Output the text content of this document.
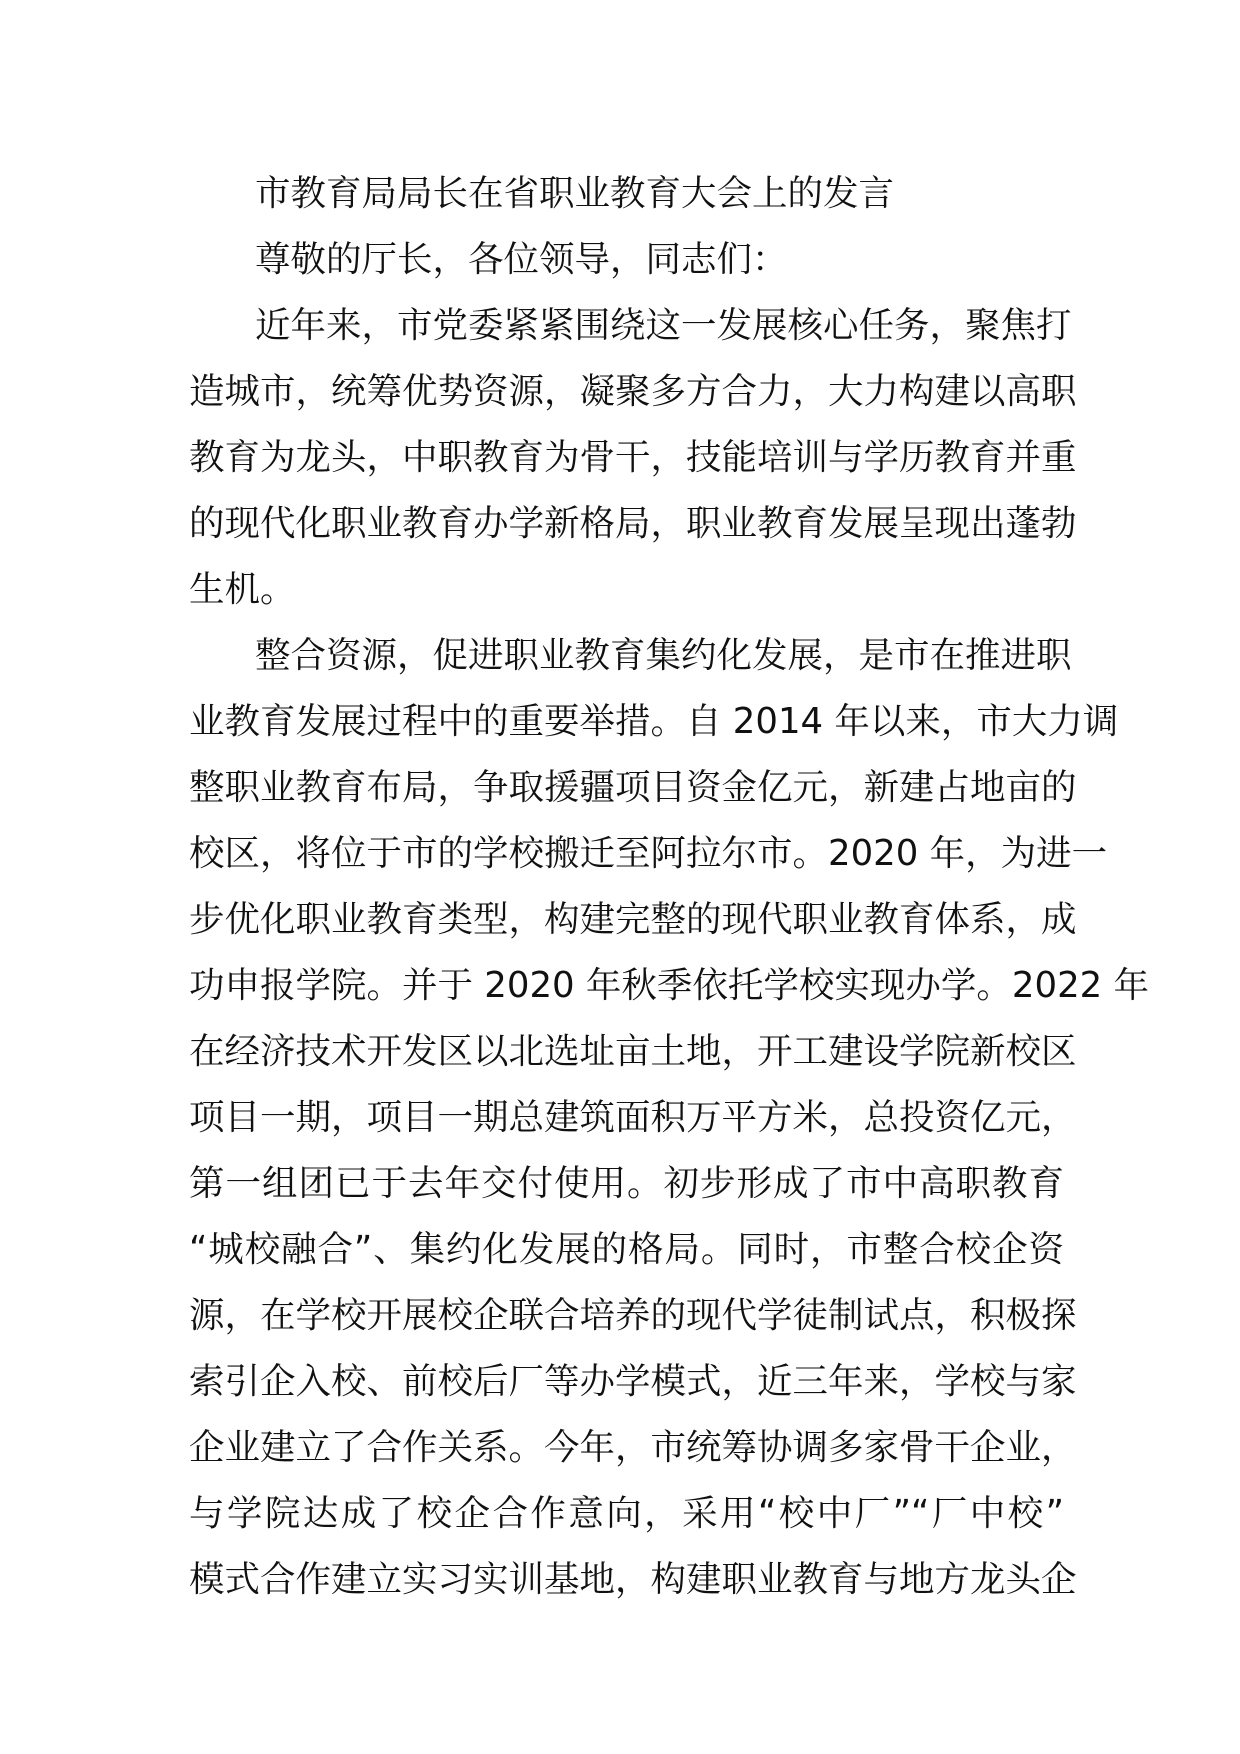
市教育局局长在省职业教育大会上的发言
尊敬的厅长，各位领导，同志们：
近年来，市党委紧紧围绕这一发展核心任务，聚焦打
造城市，统筹优势资源，凝聚多方合力，大力构建以高职
教育为龙头，中职教育为骨干，技能培训与学历教育并重
的现代化职业教育办学新格局，职业教育发展呈现出蓬勃
生机。
整合资源，促进职业教育集约化发展，是市在推进职
业教育发展过程中的重要举措。自 2014 年以来，市大力调
整职业教育布局，争取援疆项目资金亿元，新建占地亩的
校区，将位于市的学校搬迁至阿拉尔市。2020 年，为进一
步优化职业教育类型，构建完整的现代职业教育体系，成
功申报学院。并于 2020 年秋季依托学校实现办学。2022 年
在经济技术开发区以北选址亩土地，开工建设学院新校区
项目一期，项目一期总建筑面积万平方米，总投资亿元，
第一组团已于去年交付使用。初步形成了市中高职教育
“城校融合”、集约化发展的格局。同时，市整合校企资
源，在学校开展校企联合培养的现代学徒制试点，积极探
索引企入校、前校后厂等办学模式，近三年来，学校与家
企业建立了合作关系。今年，市统筹协调多家骨干企业，
与学院达成了校企合作意向，采用“校中厂”“厂中校”
模式合作建立实习实训基地，构建职业教育与地方龙头企
